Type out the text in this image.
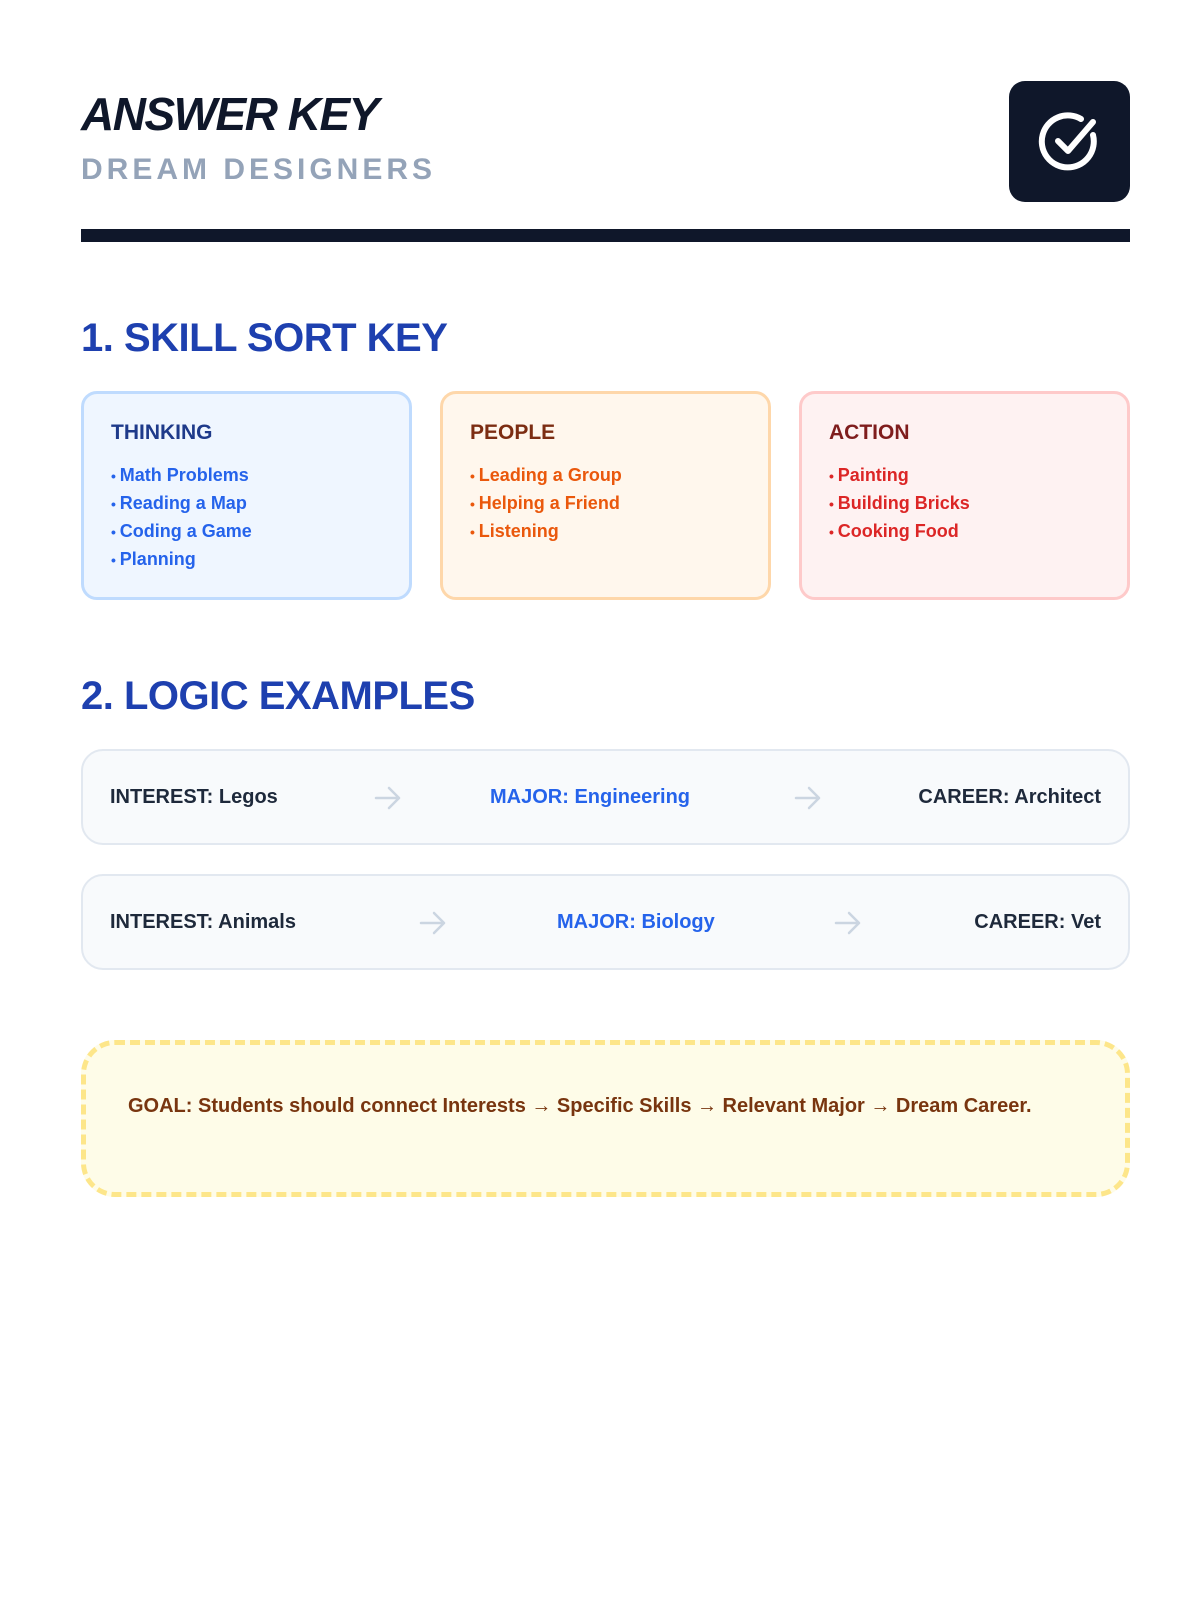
ANSWER KEY
DREAM DESIGNERS
1. SKILL SORT KEY
THINKING
• Math Problems
• Reading a Map
• Coding a Game
• Planning
PEOPLE
• Leading a Group
• Helping a Friend
• Listening
ACTION
• Painting
• Building Bricks
• Cooking Food
2. LOGIC EXAMPLES
INTEREST: Legos	MAJOR: Engineering	CAREER: Architect
INTEREST: Animals	MAJOR: Biology	CAREER: Vet
GOAL: Students should connect Interests → Specific Skills → Relevant Major → Dream Career.
